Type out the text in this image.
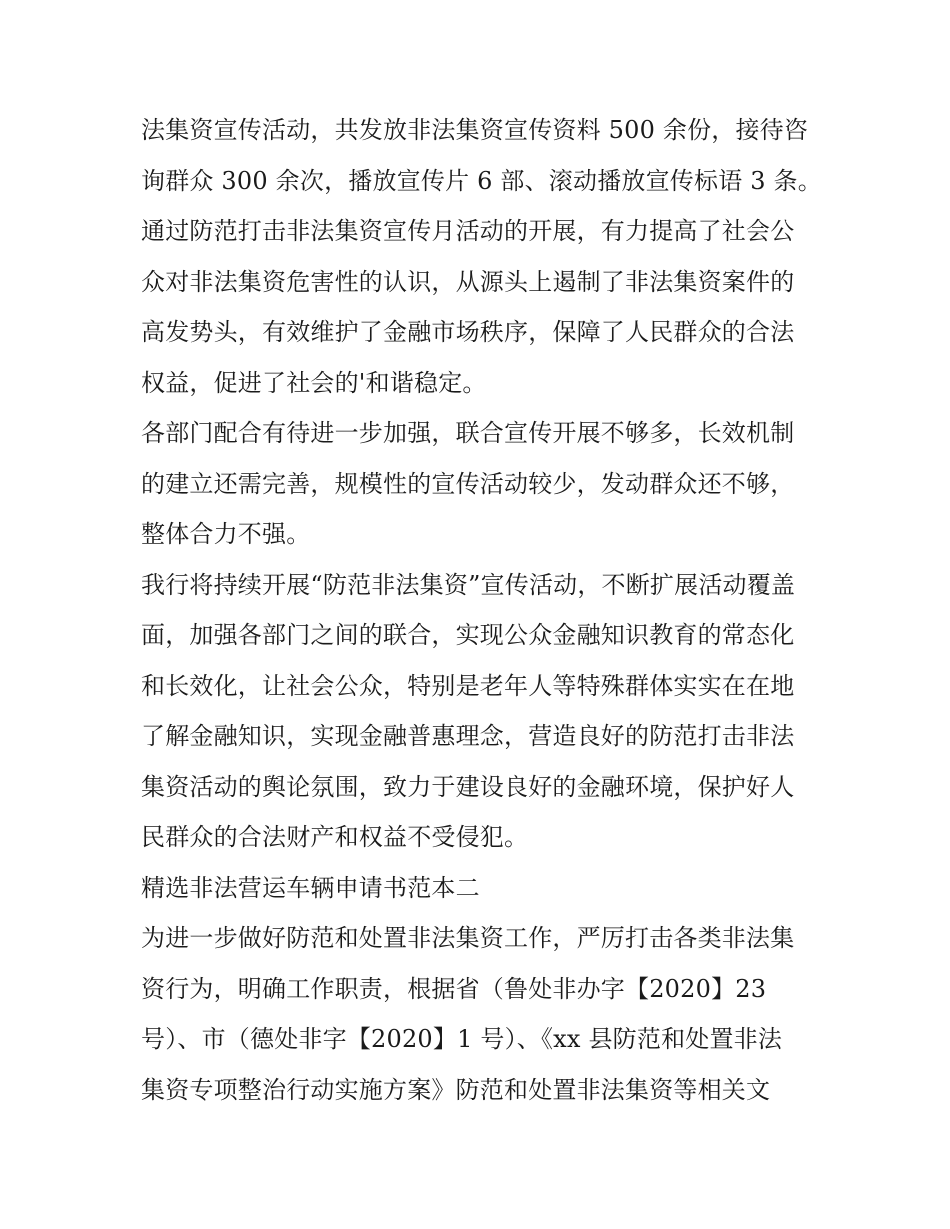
法集资宣传活动，共发放非法集资宣传资料 500 余份，接待咨
询群众 300 余次，播放宣传片 6 部、滚动播放宣传标语 3 条。
通过防范打击非法集资宣传月活动的开展，有力提高了社会公
众对非法集资危害性的认识，从源头上遏制了非法集资案件的
高发势头，有效维护了金融市场秩序，保障了人民群众的合法
权益，促进了社会的'和谐稳定。
各部门配合有待进一步加强，联合宣传开展不够多，长效机制
的建立还需完善，规模性的宣传活动较少，发动群众还不够，
整体合力不强。
我行将持续开展“防范非法集资”宣传活动，不断扩展活动覆盖
面，加强各部门之间的联合，实现公众金融知识教育的常态化
和长效化，让社会公众，特别是老年人等特殊群体实实在在地
了解金融知识，实现金融普惠理念，营造良好的防范打击非法
集资活动的舆论氛围，致力于建设良好的金融环境，保护好人
民群众的合法财产和权益不受侵犯。
精选非法营运车辆申请书范本二
为进一步做好防范和处置非法集资工作，严厉打击各类非法集
资行为，明确工作职责，根据省（鲁处非办字【2020】23
号）、市（德处非字【2020】1 号）、《xx 县防范和处置非法
集资专项整治行动实施方案》防范和处置非法集资等相关文
